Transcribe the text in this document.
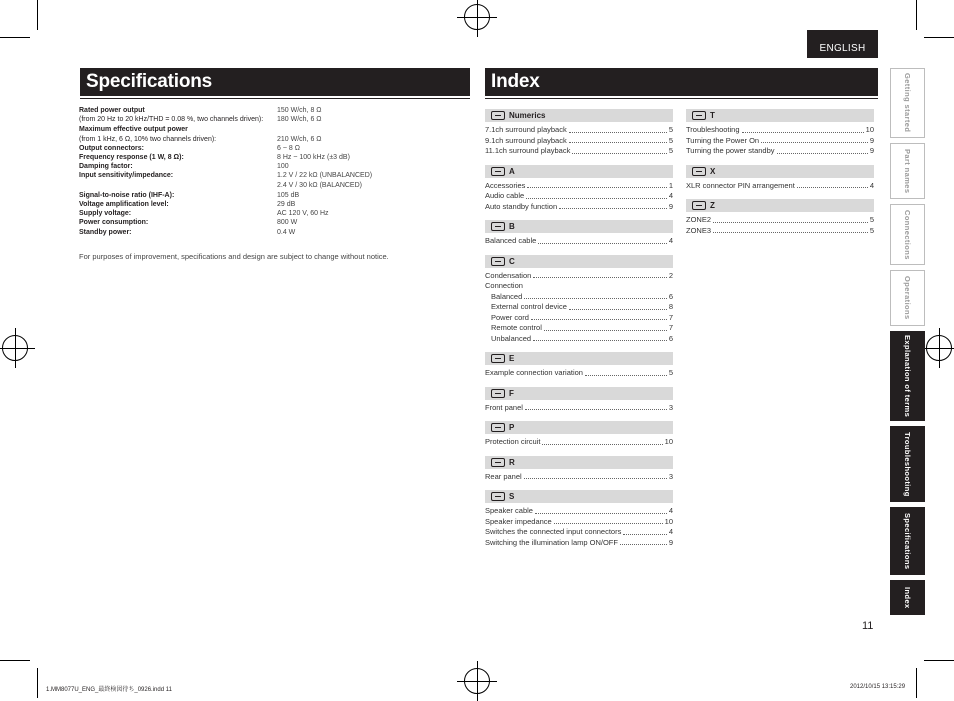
ENGLISH
Specifications
Rated power output	150 W/ch, 8 Ω
(from 20 Hz to 20 kHz/THD = 0.08 %, two channels driven): 180 W/ch, 6 Ω
Maximum effective output power
(from 1 kHz, 6 Ω, 10% two channels driven):	210 W/ch, 6 Ω
Output connectors:	6 ~ 8 Ω
Frequency response (1 W, 8 Ω):	8 Hz ~ 100 kHz (±3 dB)
Damping factor:	100
Input sensitivity/impedance:	1.2 V / 22 kΩ (UNBALANCED)
2.4 V / 30 kΩ (BALANCED)
Signal-to-noise ratio (IHF-A):	105 dB
Voltage amplification level:	29 dB
Supply voltage:	AC 120 V, 60 Hz
Power consumption:	800 W
Standby power:	0.4 W
For purposes of improvement, specifications and design are subject to change without notice.
Index
Numerics
7.1ch surround playback	5
9.1ch surround playback	5
11.1ch surround playback	5
A
Accessories	1
Audio cable	4
Auto standby function	9
B
Balanced cable	4
C
Condensation	2
Connection
Balanced	6
External control device	8
Power cord	7
Remote control	7
Unbalanced	6
E
Example connection variation	5
F
Front panel	3
P
Protection circuit	10
R
Rear panel	3
S
Speaker cable	4
Speaker impedance	10
Switches the connected input connectors	4
Switching the illumination lamp ON/OFF	9
T
Troubleshooting	10
Turning the Power On	9
Turning the power standby	9
X
XLR connector PIN arrangement	4
Z
ZONE2	5
ZONE3	5
Getting started
Part names
Connections
Operations
Explanation of terms
Troubleshooting
Specifications
Index
11
1.MM8077U_ENG_最終検図待ち_0926.indd 11	2012/10/15 13:15:29
